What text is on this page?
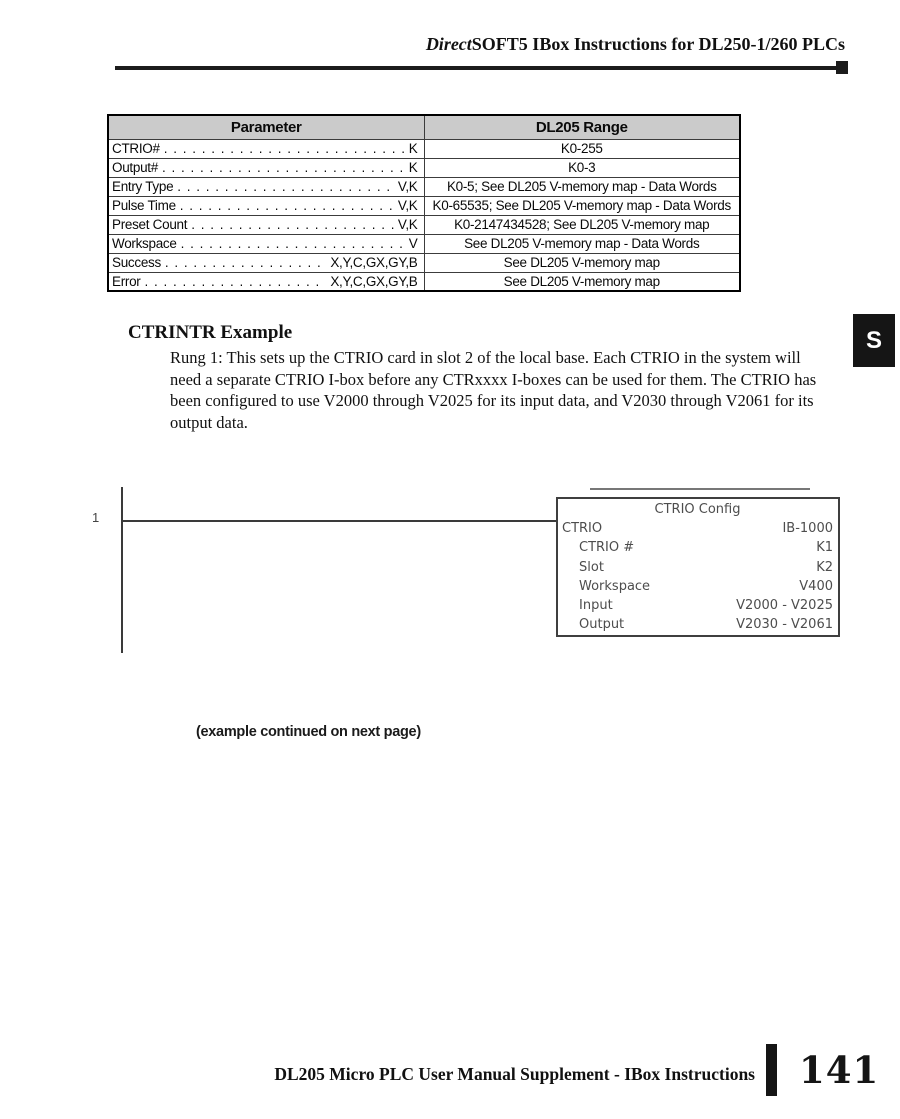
DirectSOFT5 IBox Instructions for DL250-1/260 PLCs
Parameter	DL205 Range

CTRIO# . . . K	K0-255

Output# . . . K	K0-3

Entry Type . . . V,K	K0-5; See DL205 V-memory map - Data Words

Pulse Time . . . V,K	K0-65535; See DL205 V-memory map - Data Words

Preset Count . . . V,K	K0-2147434528; See DL205 V-memory map

Workspace . . . V	See DL205 V-memory map - Data Words

Success . . . X,Y,C,GX,GY,B	See DL205 V-memory map

Error . . . X,Y,C,GX,GY,B	See DL205 V-memory map
CTRINTR Example
Rung 1: This sets up the CTRIO card in slot 2 of the local base. Each CTRIO in the system will need a separate CTRIO I-box before any CTRxxxx I-boxes can be used for them. The CTRIO has been configured to use V2000 through V2025 for its input data, and V2030 through V2061 for its output data.
1
CTRIO Config
CTRIO	IB-1000
CTRIO #	K1
Slot	K2
Workspace	V400
Input	V2000 - V2025
Output	V2030 - V2061
(example continued on next page)
S
DL205 Micro PLC User Manual Supplement - IBox Instructions 141
